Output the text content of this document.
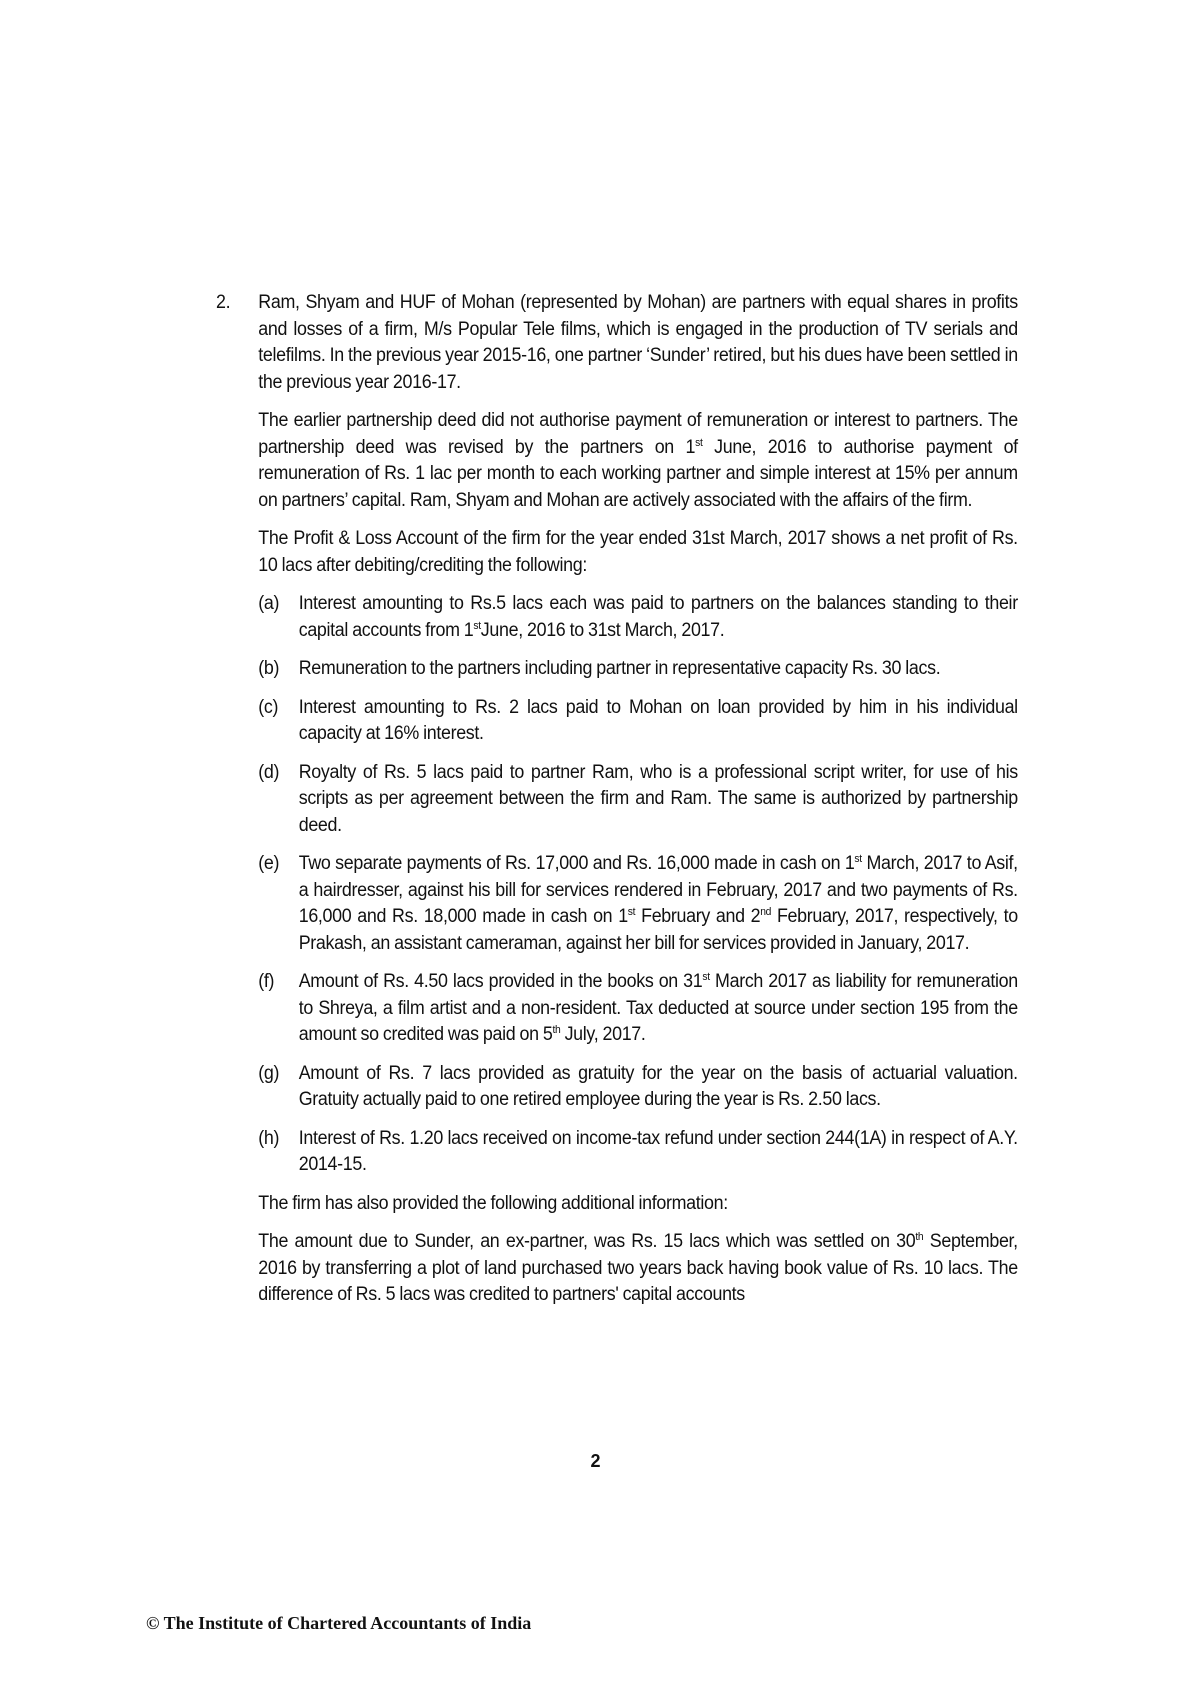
2. Ram, Shyam and HUF of Mohan (represented by Mohan) are partners with equal shares in profits and losses of a firm, M/s Popular Tele films, which is engaged in the production of TV serials and telefilms. In the previous year 2015-16, one partner ‘Sunder’ retired, but his dues have been settled in the previous year 2016-17.

The earlier partnership deed did not authorise payment of remuneration or interest to partners. The partnership deed was revised by the partners on 1st June, 2016 to authorise payment of remuneration of Rs. 1 lac per month to each working partner and simple interest at 15% per annum on partners’ capital. Ram, Shyam and Mohan are actively associated with the affairs of the firm.

The Profit & Loss Account of the firm for the year ended 31st March, 2017 shows a net profit of Rs. 10 lacs after debiting/crediting the following:

(a)	Interest amounting to Rs.5 lacs each was paid to partners on the balances standing to their capital accounts from 1stJune, 2016 to 31st March, 2017.
(b)	Remuneration to the partners including partner in representative capacity Rs. 30 lacs.
(c)	Interest amounting to Rs. 2 lacs paid to Mohan on loan provided by him in his individual capacity at 16% interest.
(d)	Royalty of Rs. 5 lacs paid to partner Ram, who is a professional script writer, for use of his scripts as per agreement between the firm and Ram. The same is authorized by partnership deed.
(e)	Two separate payments of Rs. 17,000 and Rs. 16,000 made in cash on 1st March, 2017 to Asif, a hairdresser, against his bill for services rendered in February, 2017 and two payments of Rs. 16,000 and Rs. 18,000 made in cash on 1st February and 2nd February, 2017, respectively, to Prakash, an assistant cameraman, against her bill for services provided in January, 2017.
(f)	Amount of Rs. 4.50 lacs provided in the books on 31st March 2017 as liability for remuneration to Shreya, a film artist and a non-resident. Tax deducted at source under section 195 from the amount so credited was paid on 5th July, 2017.
(g)	Amount of Rs. 7 lacs provided as gratuity for the year on the basis of actuarial valuation. Gratuity actually paid to one retired employee during the year is Rs. 2.50 lacs.
(h)	Interest of Rs. 1.20 lacs received on income-tax refund under section 244(1A) in respect of A.Y. 2014-15.

The firm has also provided the following additional information:

The amount due to Sunder, an ex-partner, was Rs. 15 lacs which was settled on 30th September, 2016 by transferring a plot of land purchased two years back having book value of Rs. 10 lacs. The difference of Rs. 5 lacs was credited to partners' capital accounts

2
© The Institute of Chartered Accountants of India
